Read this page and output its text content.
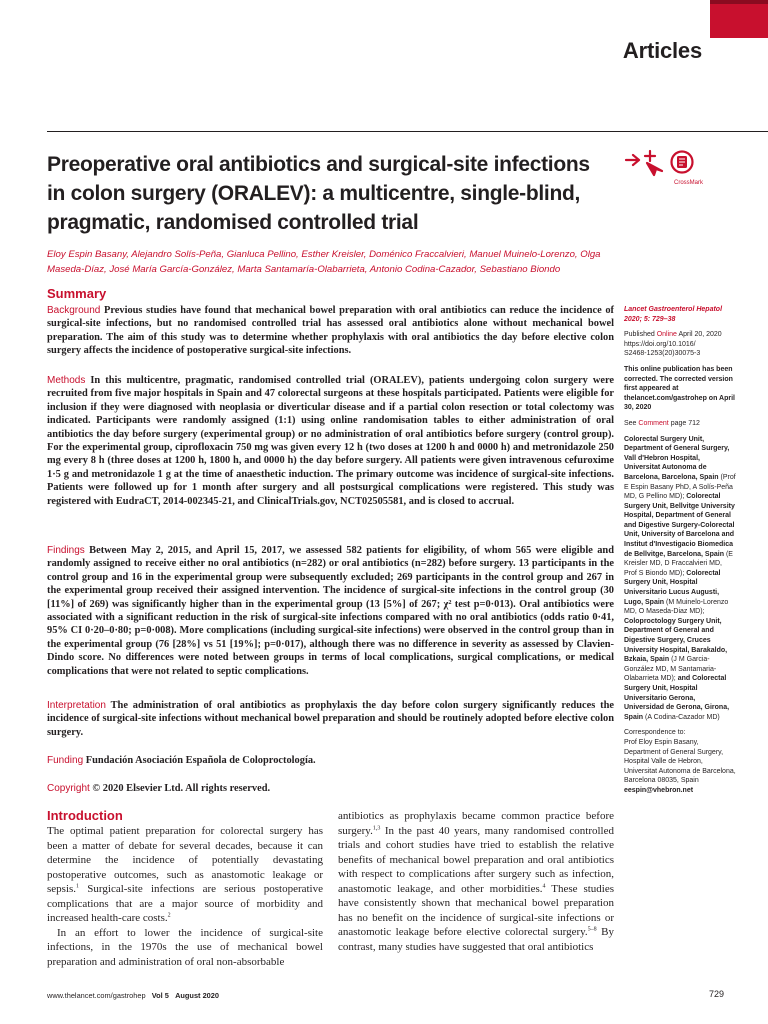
Articles
Preoperative oral antibiotics and surgical-site infections in colon surgery (ORALEV): a multicentre, single-blind, pragmatic, randomised controlled trial
CrossMark

Eloy Espin Basany, Alejandro Solís-Peña, Gianluca Pellino, Esther Kreisler, Doménico Fraccalvieri, Manuel Muinelo-Lorenzo, Olga Maseda-Díaz, José María García-González, Marta Santamaría-Olabarrieta, Antonio Codina-Cazador, Sebastiano Biondo

Summary

Background Previous studies have found that mechanical bowel preparation with oral antibiotics can reduce the incidence of surgical-site infections, but no randomised controlled trial has assessed oral antibiotics alone without mechanical bowel preparation. The aim of this study was to determine whether prophylaxis with oral antibiotics the day before elective colon surgery affects the incidence of postoperative surgical-site infections.

Methods In this multicentre, pragmatic, randomised controlled trial (ORALEV), patients undergoing colon surgery were recruited from five major hospitals in Spain and 47 colorectal surgeons at these hospitals participated. Patients were eligible for inclusion if they were diagnosed with neoplasia or diverticular disease and if a partial colon resection or total colectomy was indicated. Participants were randomly assigned (1:1) using online randomisation tables to either administration of oral antibiotics the day before surgery (experimental group) or no administration of oral antibiotics before surgery (control group). For the experimental group, ciprofloxacin 750 mg was given every 12 h (two doses at 1200 h and 0000 h) and metronidazole 250 mg every 8 h (three doses at 1200 h, 1800 h, and 0000 h) the day before surgery. All patients were given intravenous cefuroxime 1·5 g and metronidazole 1 g at the time of anaesthetic induction. The primary outcome was incidence of surgical-site infections. Patients were followed up for 1 month after surgery and all postsurgical complications were registered. This study was registered with EudraCT, 2014-002345-21, and ClinicalTrials.gov, NCT02505581, and is closed to accrual.

Findings Between May 2, 2015, and April 15, 2017, we assessed 582 patients for eligibility, of whom 565 were eligible and randomly assigned to receive either no oral antibiotics (n=282) or oral antibiotics (n=282) before surgery. 13 participants in the control group and 16 in the experimental group were subsequently excluded; 269 participants in the control group and 267 in the experimental group received their assigned intervention. The incidence of surgical-site infections in the control group (30 [11%] of 269) was significantly higher than in the experimental group (13 [5%] of 267; χ² test p=0·013). Oral antibiotics were associated with a significant reduction in the risk of surgical-site infections compared with no oral antibiotics (odds ratio 0·41, 95% CI 0·20–0·80; p=0·008). More complications (including surgical-site infections) were observed in the control group than in the experimental group (76 [28%] vs 51 [19%]; p=0·017), although there was no difference in severity as assessed by Clavien-Dindo score. No differences were noted between groups in terms of local complications, surgical complications, or medical complications that were not related to septic complications.

Interpretation The administration of oral antibiotics as prophylaxis the day before colon surgery significantly reduces the incidence of surgical-site infections without mechanical bowel preparation and should be routinely adopted before elective colon surgery.

Funding Fundación Asociación Española de Coloproctología.

Copyright © 2020 Elsevier Ltd. All rights reserved.

Introduction

The optimal patient preparation for colorectal surgery has been a matter of debate for several decades, because it can determine the incidence of potentially devastating postoperative outcomes, such as anastomotic leakage or sepsis.$^1$ Surgical-site infections are serious postoperative complications that are a major source of morbidity and increased health-care costs.$^2$

In an effort to lower the incidence of surgical-site infections, in the 1970s the use of mechanical bowel preparation and administration of oral non-absorbable

antibiotics as prophylaxis became common practice before surgery.$^{1,3}$ In the past 40 years, many randomised controlled trials and cohort studies have tried to establish the relative benefits of mechanical bowel preparation and oral antibiotics with respect to complications after surgery such as infection, anastomotic leakage, and other morbidities.$^4$ These studies have consistently shown that mechanical bowel preparation has no benefit on the incidence of surgical-site infections or anastomotic leakage before elective colorectal surgery.$^{5-8}$ By contrast, many studies have suggested that oral antibiotics

Lancet Gastroenterol Hepatol 2020; 5: 729–38

Published Online April 20, 2020
https://doi.org/10.1016/
S2468-1253(20)30075-3

This online publication has been corrected. The corrected version first appeared at thelancet.com/gastrohep on April 30, 2020

See Comment page 712

Colorectal Surgery Unit, Department of General Surgery, Vall d'Hebron Hospital, Universitat Autonoma de Barcelona, Barcelona, Spain (Prof E Espin Basany PhD, A Solís-Peña MD, G Pellino MD); Colorectal Surgery Unit, Bellvitge University Hospital, Department of General and Digestive Surgery-Colorectal Unit, University of Barcelona and Institut d'Investigacio Biomedica de Bellvitge, Barcelona, Spain (E Kreisler MD, D Fraccalvieri MD, Prof S Biondo MD); Colorectal Surgery Unit, Hospital Universitario Lucus Augusti, Lugo, Spain (M Muinelo-Lorenzo MD, O Maseda-Diaz MD); Coloproctology Surgery Unit, Department of General and Digestive Surgery, Cruces University Hospital, Barakaldo, Bzkaia, Spain (J M Garcia-González MD, M Santamaria-Olabarrieta MD); and Colorectal Surgery Unit, Hospital Universitario Gerona, Universidad de Gerona, Girona, Spain (A Codina-Cazador MD)

Correspondence to:
Prof Eloy Espin Basany, Department of General Surgery, Hospital Valle de Hebron, Universitat Autonoma de Barcelona, Barcelona 08035, Spain
eespin@vhebron.net

www.thelancet.com/gastrohep Vol 5 August 2020	729
